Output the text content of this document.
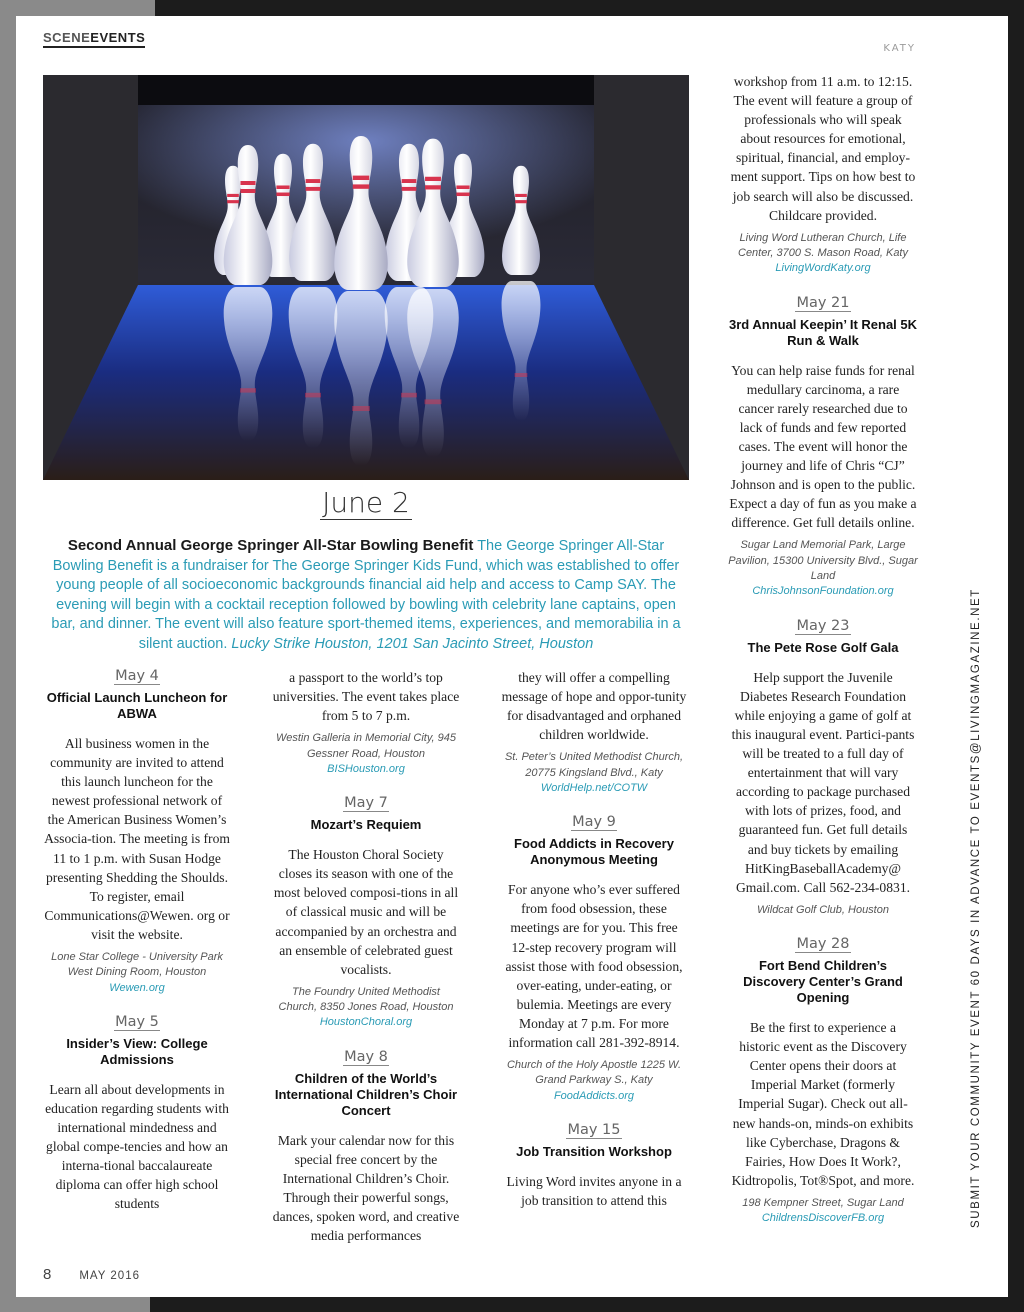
SCENEEVENTS
KATY
June 2
Second Annual George Springer All-Star Bowling Benefit The George Springer All-Star Bowling Benefit is a fundraiser for The George Springer Kids Fund, which was established to offer young people of all socioeconomic backgrounds financial aid help and access to Camp SAY. The evening will begin with a cocktail reception followed by bowling with celebrity lane captains, open bar, and dinner. The event will also feature sport-themed items, experiences, and memorabilia in a silent auction. Lucky Strike Houston, 1201 San Jacinto Street, Houston

May 4

Official Launch Luncheon for ABWA

All business women in the community are invited to attend this launch luncheon for the newest professional network of the American Business Women’s Associa-tion. The meeting is from 11 to 1 p.m. with Susan Hodge presenting Shedding the Shoulds. To register, email Communications@Wewen. org or visit the website.

Lone Star College - University Park West Dining Room, Houston
Wewen.org

May 5

Insider’s View: College Admissions

Learn all about developments in education regarding students with international mindedness and global compe-tencies and how an interna-tional baccalaureate diploma can offer high school students

a passport to the world’s top universities. The event takes place from 5 to 7 p.m.

Westin Galleria in Memorial City, 945 Gessner Road, Houston
BISHouston.org

May 7

Mozart’s Requiem

The Houston Choral Society closes its season with one of the most beloved composi-tions in all of classical music and will be accompanied by an orchestra and an ensemble of celebrated guest vocalists.

The Foundry United Methodist Church, 8350 Jones Road, Houston
HoustonChoral.org

May 8

Children of the World’s International Children’s Choir Concert

Mark your calendar now for this special free concert by the International Children’s Choir. Through their powerful songs, dances, spoken word, and creative media performances

they will offer a compelling message of hope and oppor-tunity for disadvantaged and orphaned children worldwide.

St. Peter’s United Methodist Church, 20775 Kingsland Blvd., Katy
WorldHelp.net/COTW

May 9

Food Addicts in Recovery Anonymous Meeting

For anyone who’s ever suffered from food obsession, these meetings are for you. This free 12-step recovery program will assist those with food obsession, over-eating, under-eating, or bulemia. Meetings are every Monday at 7 p.m. For more information call 281-392-8914.

Church of the Holy Apostle 1225 W. Grand Parkway S., Katy
FoodAddicts.org

May 15

Job Transition Workshop

Living Word invites anyone in a job transition to attend this

workshop from 11 a.m. to 12:15. The event will feature a group of professionals who will speak about resources for emotional, spiritual, financial, and employ-ment support. Tips on how best to job search will also be discussed. Childcare provided.

Living Word Lutheran Church, Life Center, 3700 S. Mason Road, Katy
LivingWordKaty.org

May 21

3rd Annual Keepin’ It Renal 5K Run & Walk

You can help raise funds for renal medullary carcinoma, a rare cancer rarely researched due to lack of funds and few reported cases. The event will honor the journey and life of Chris “CJ” Johnson and is open to the public. Expect a day of fun as you make a difference. Get full details online.

Sugar Land Memorial Park, Large Pavilion, 15300 University Blvd., Sugar Land
ChrisJohnsonFoundation.org

May 23

The Pete Rose Golf Gala

Help support the Juvenile Diabetes Research Foundation while enjoying a game of golf at this inaugural event. Partici-pants will be treated to a full day of entertainment that will vary according to package purchased with lots of prizes, food, and guaranteed fun. Get full details and buy tickets by emailing HitKingBaseballAcademy@ Gmail.com. Call 562-234-0831.

Wildcat Golf Club, Houston

May 28

Fort Bend Children’s Discovery Center’s Grand Opening

Be the first to experience a historic event as the Discovery Center opens their doors at Imperial Market (formerly Imperial Sugar). Check out all-new hands-on, minds-on exhibits like Cyberchase, Dragons & Fairies, How Does It Work?, Kidtropolis, Tot®Spot, and more.

198 Kempner Street, Sugar Land
ChildrensDiscoverFB.org	SUBMIT YOUR COMMUNITY EVENT 60 DAYS IN ADVANCE TO EVENTS@LIVINGMAGAZINE.NET
8 MAY 2016
